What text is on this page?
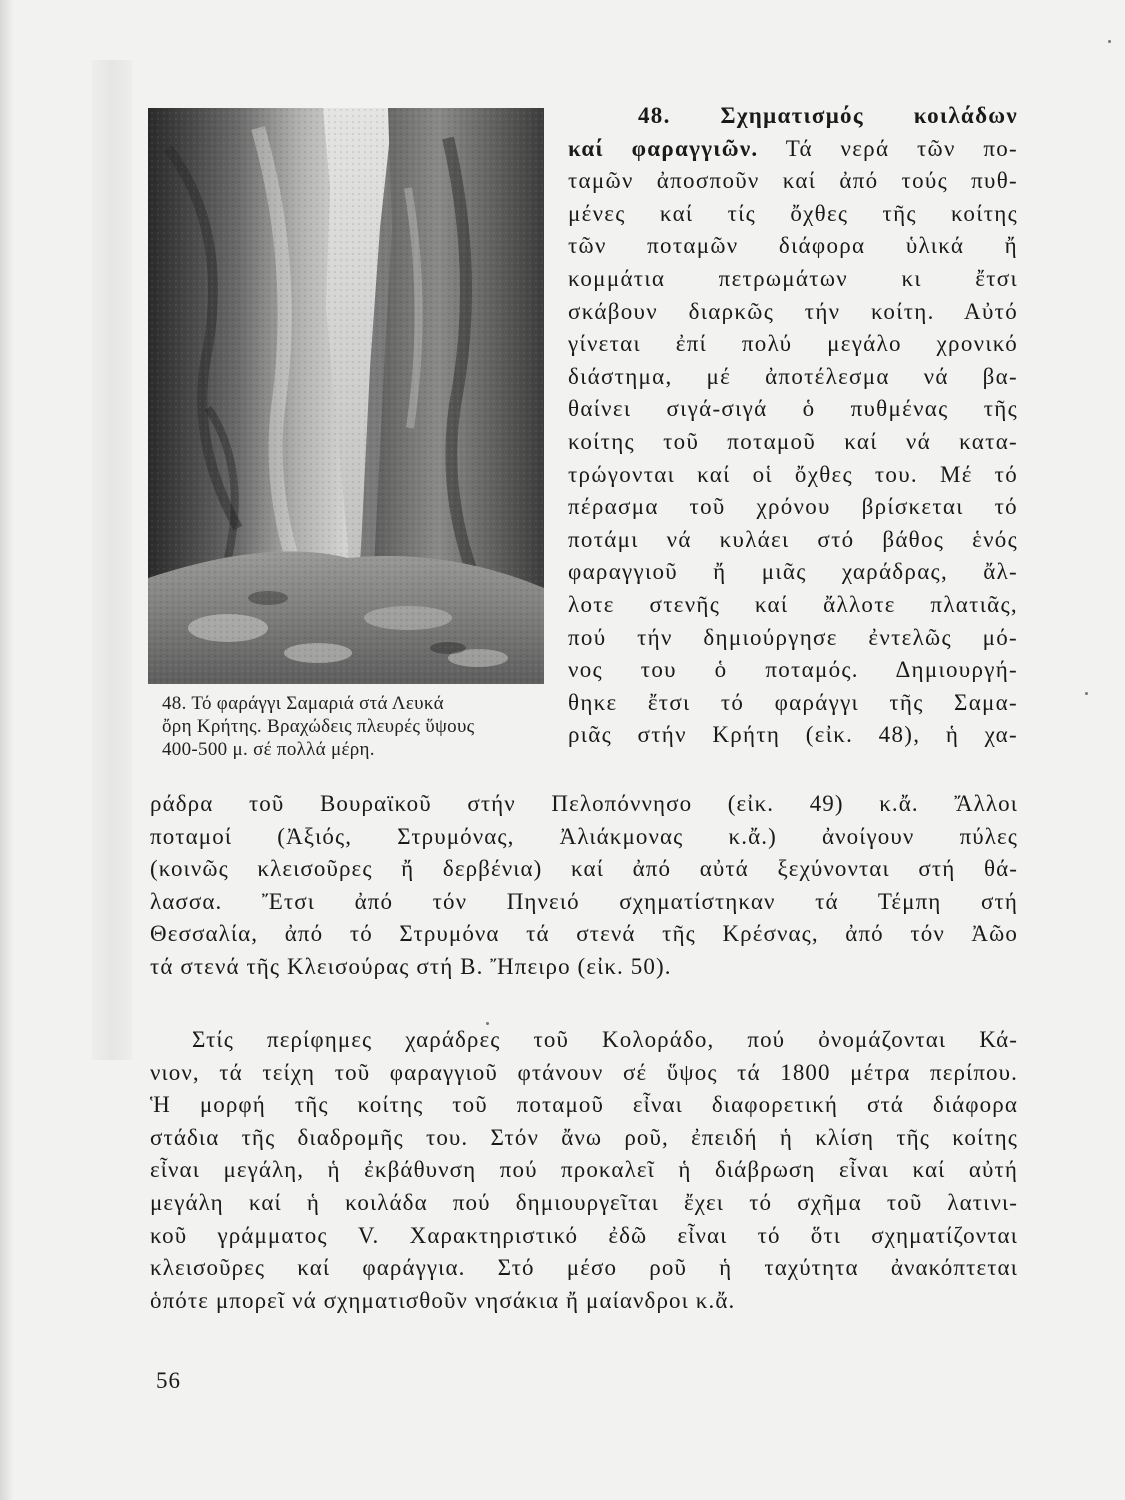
48. Τό φαράγγι Σαμαριά στά Λευκά
ὄρη Κρήτης. Βραχώδεις πλευρές ὕψους
400-500 μ. σέ πολλά μέρη.
48. Σχηματισμός κοιλάδων
καί φαραγγιῶν. Τά νερά τῶν πο-
ταμῶν ἀποσποῦν καί ἀπό τούς πυθ-
μένες καί τίς ὄχθες τῆς κοίτης
τῶν ποταμῶν διάφορα ὑλικά ἤ
κομμάτια πετρωμάτων κι ἔτσι
σκάβουν διαρκῶς τήν κοίτη. Αὐτό
γίνεται ἐπί πολύ μεγάλο χρονικό
διάστημα, μέ ἀποτέλεσμα νά βα-
θαίνει σιγά-σιγά ὁ πυθμένας τῆς
κοίτης τοῦ ποταμοῦ καί νά κατα-
τρώγονται καί οἱ ὄχθες του. Μέ τό
πέρασμα τοῦ χρόνου βρίσκεται τό
ποτάμι νά κυλάει στό βάθος ἑνός
φαραγγιοῦ ἤ μιᾶς χαράδρας, ἄλ-
λοτε στενῆς καί ἄλλοτε πλατιᾶς,
πού τήν δημιούργησε ἐντελῶς μό-
νος του ὁ ποταμός. Δημιουργή-
θηκε ἔτσι τό φαράγγι τῆς Σαμα-
ριᾶς στήν Κρήτη (εἰκ. 48), ἡ χα-
ράδρα τοῦ Βουραϊκοῦ στήν Πελοπόννησο (εἰκ. 49) κ.ἄ. Ἄλλοι
ποταμοί (Ἀξιός, Στρυμόνας, Ἀλιάκμονας κ.ἄ.) ἀνοίγουν πύλες
(κοινῶς κλεισοῦρες ἤ δερβένια) καί ἀπό αὐτά ξεχύνονται στή θά-
λασσα. Ἔτσι ἀπό τόν Πηνειό σχηματίστηκαν τά Τέμπη στή
Θεσσαλία, ἀπό τό Στρυμόνα τά στενά τῆς Κρέσνας, ἀπό τόν Ἀῶο
τά στενά τῆς Κλεισούρας στή Β. Ἤπειρο (εἰκ. 50).
Στίς περίφημες χαράδρες τοῦ Κολοράδο, πού ὀνομάζονται Κά-
νιον, τά τείχη τοῦ φαραγγιοῦ φτάνουν σέ ὕψος τά 1800 μέτρα περίπου.
Ἡ μορφή τῆς κοίτης τοῦ ποταμοῦ εἶναι διαφορετική στά διάφορα
στάδια τῆς διαδρομῆς του. Στόν ἄνω ροῦ, ἐπειδή ἡ κλίση τῆς κοίτης
εἶναι μεγάλη, ἡ ἐκβάθυνση πού προκαλεῖ ἡ διάβρωση εἶναι καί αὐτή
μεγάλη καί ἡ κοιλάδα πού δημιουργεῖται ἔχει τό σχῆμα τοῦ λατινι-
κοῦ γράμματος V. Χαρακτηριστικό ἐδῶ εἶναι τό ὅτι σχηματίζονται
κλεισοῦρες καί φαράγγια. Στό μέσο ροῦ ἡ ταχύτητα ἀνακόπτεται
ὁπότε μπορεῖ νά σχηματισθοῦν νησάκια ἤ μαίανδροι κ.ἄ.
56
